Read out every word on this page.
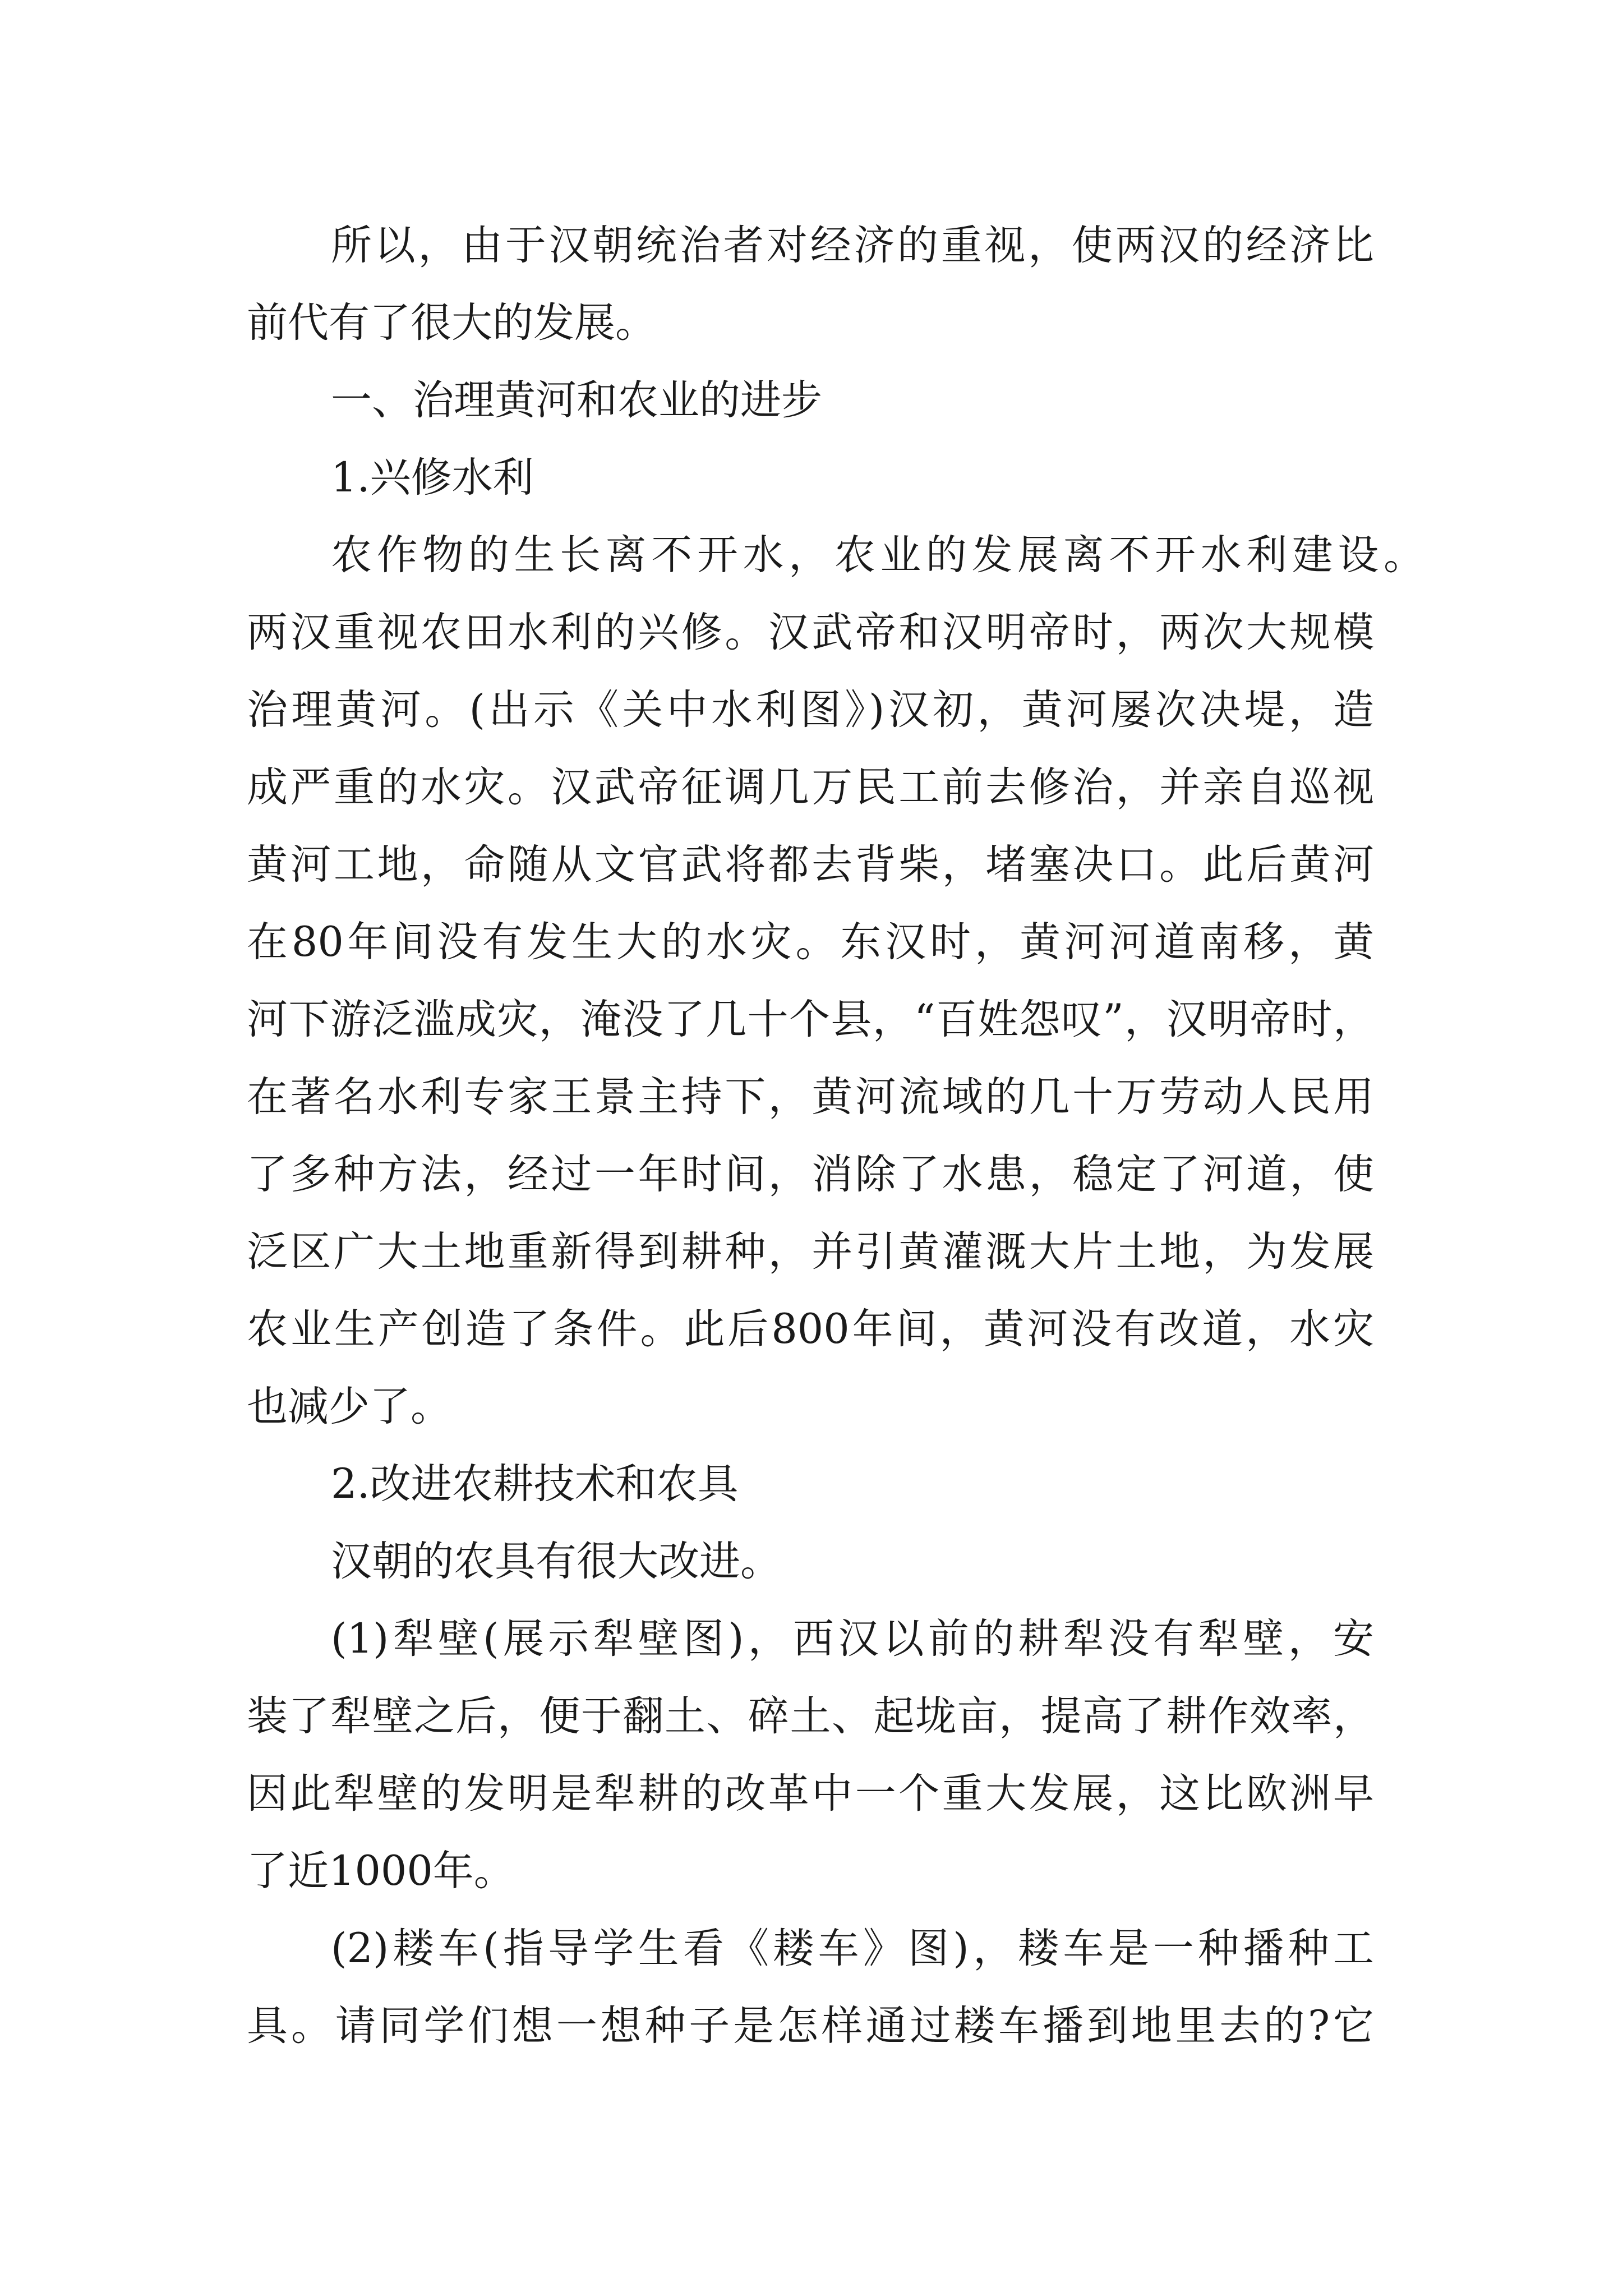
所以，由于汉朝统治者对经济的重视，使两汉的经济比
前代有了很大的发展。
一、治理黄河和农业的进步
1.兴修水利
农作物的生长离不开水，农业的发展离不开水利建设。
两汉重视农田水利的兴修。汉武帝和汉明帝时，两次大规模
治理黄河。(出示《关中水利图》)汉初，黄河屡次决堤，造
成严重的水灾。汉武帝征调几万民工前去修治，并亲自巡视
黄河工地，命随从文官武将都去背柴，堵塞决口。此后黄河
在80年间没有发生大的水灾。东汉时，黄河河道南移，黄
河下游泛滥成灾，淹没了几十个县，“百姓怨叹”，汉明帝时，
在著名水利专家王景主持下，黄河流域的几十万劳动人民用
了多种方法，经过一年时间，消除了水患，稳定了河道，使
泛区广大土地重新得到耕种，并引黄灌溉大片土地，为发展
农业生产创造了条件。此后800年间，黄河没有改道，水灾
也减少了。
2.改进农耕技术和农具
汉朝的农具有很大改进。
(1)犁壁(展示犁壁图)，西汉以前的耕犁没有犁壁，安
装了犁壁之后，便于翻土、碎土、起垅亩，提高了耕作效率，
因此犁壁的发明是犁耕的改革中一个重大发展，这比欧洲早
了近1000年。
(2)耧车(指导学生看《耧车》图)，耧车是一种播种工
具。请同学们想一想种子是怎样通过耧车播到地里去的?它
